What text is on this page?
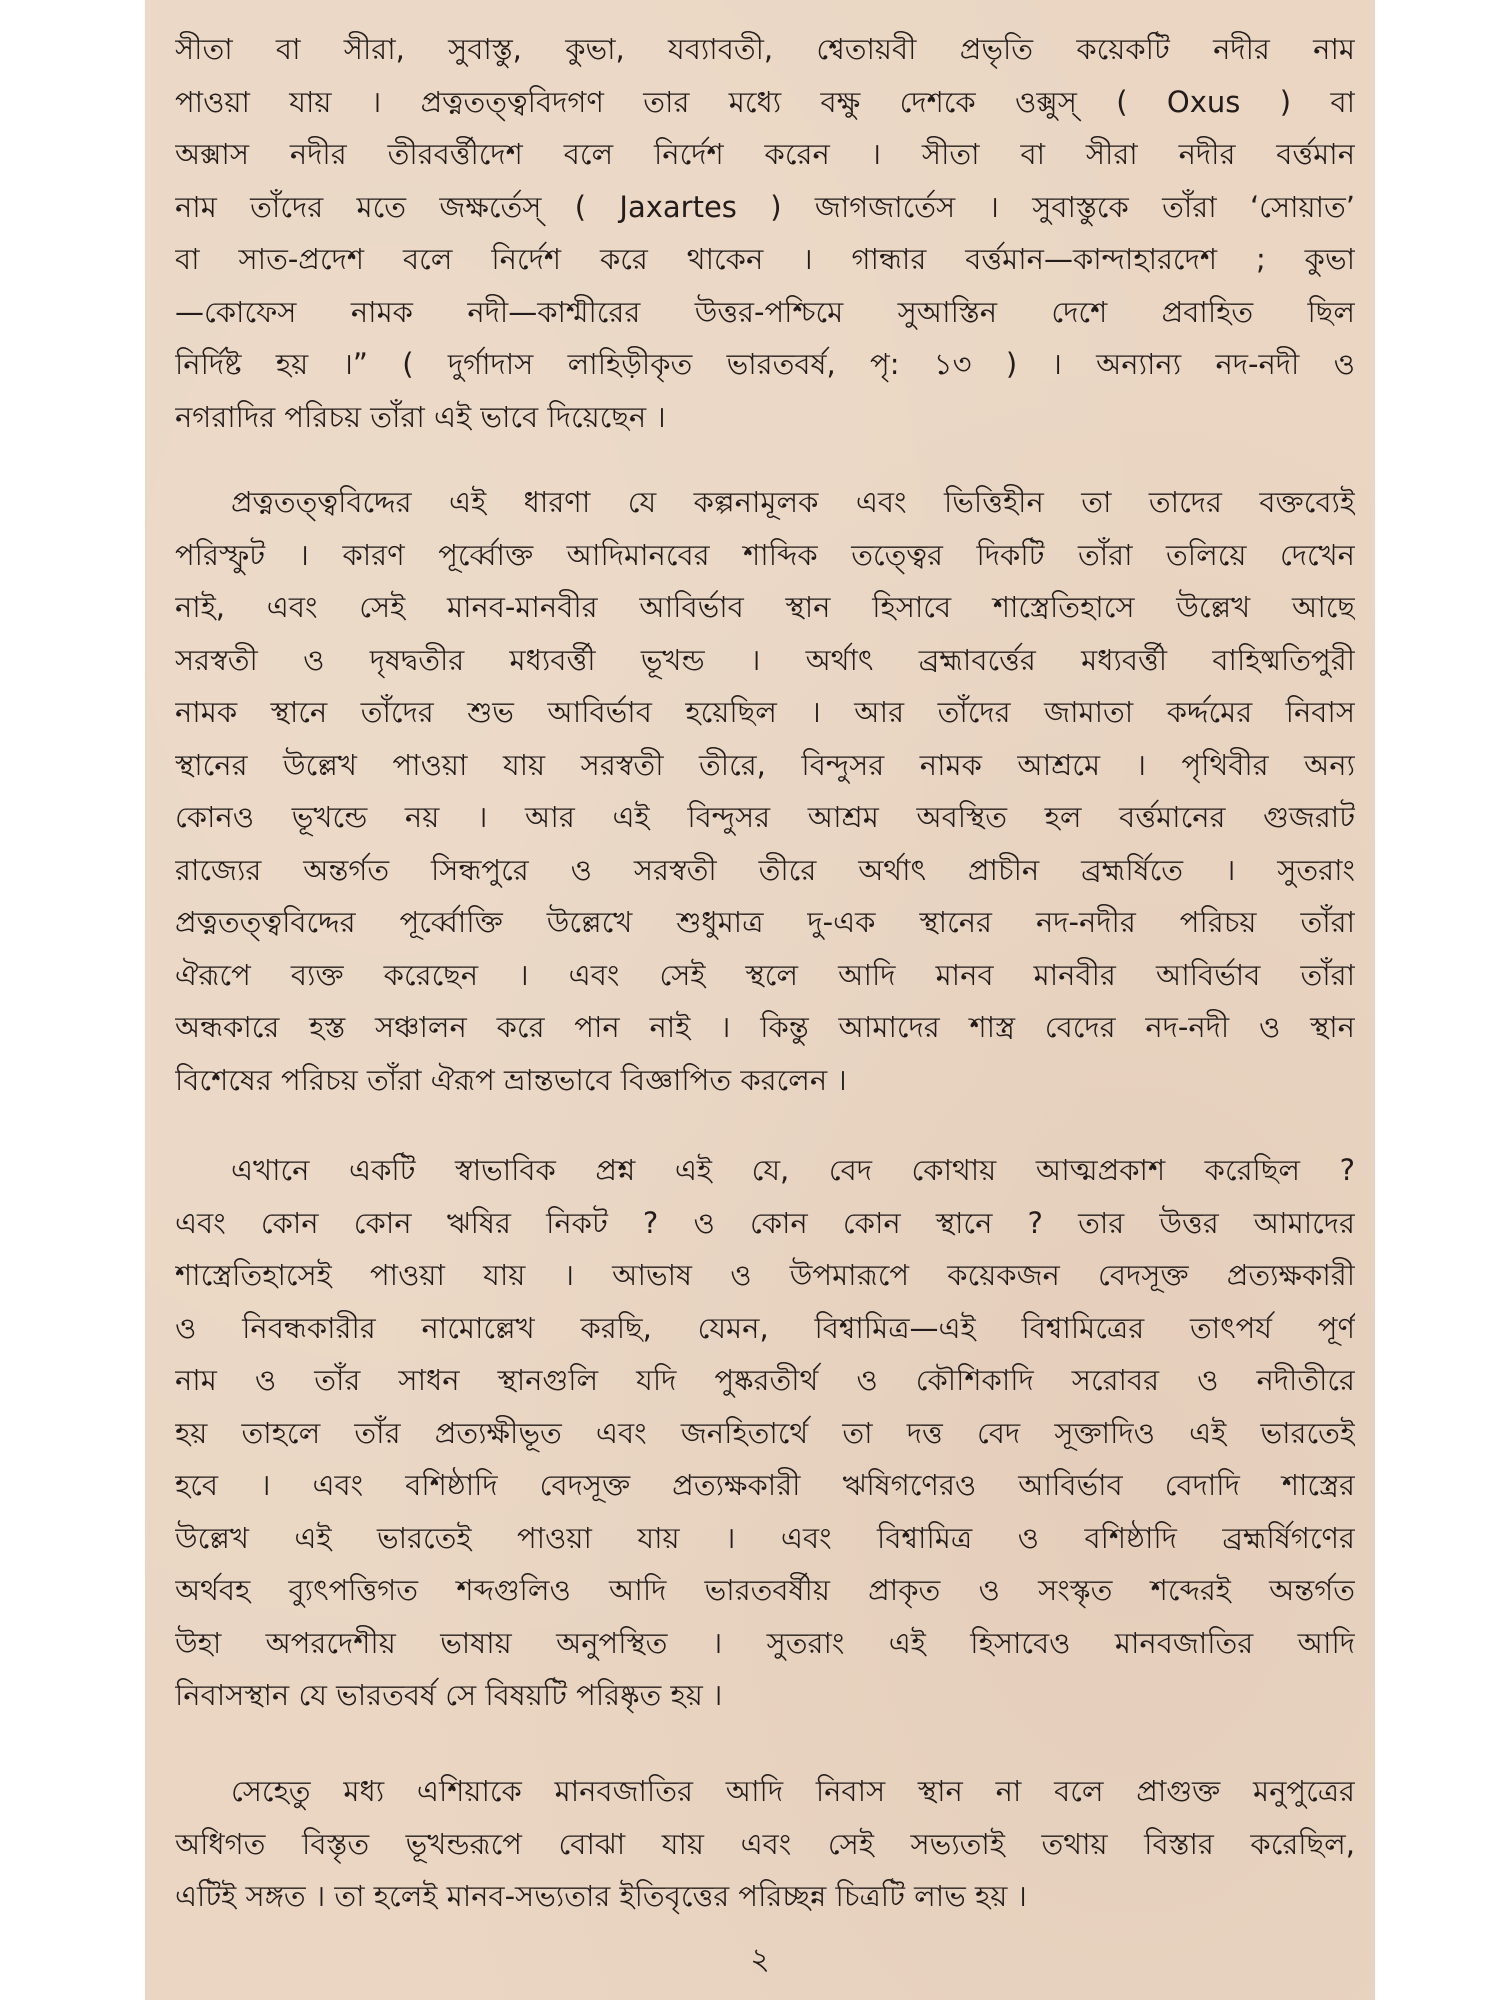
সীতা বা সীরা, সুবাস্তু, কুভা, যব্যাবতী, শ্বেতায়বী প্রভৃতি কয়েকটি নদীর নাম
পাওয়া যায় । প্রত্নতত্ত্ববিদগণ তার মধ্যে বক্ষু দেশকে ওক্সুস্ ( Oxus ) বা
অক্সাস নদীর তীরবর্ত্তীদেশ বলে নির্দেশ করেন । সীতা বা সীরা নদীর বর্ত্তমান
নাম তাঁদের মতে জক্ষর্তেস্ ( Jaxartes ) জাগজার্তেস । সুবাস্তুকে তাঁরা ‘সোয়াত’
বা সাত-প্রদেশ বলে নির্দেশ করে থাকেন । গান্ধার বর্ত্তমান—কান্দাহারদেশ ; কুভা
—কোফেস নামক নদী—কাশ্মীরের উত্তর-পশ্চিমে সুআস্তিন দেশে প্রবাহিত ছিল
নির্দিষ্ট হয় ।” ( দুর্গাদাস লাহিড়ীকৃত ভারতবর্ষ, পৃ: ১৩ ) । অন্যান্য নদ-নদী ও
নগরাদির পরিচয় তাঁরা এই ভাবে দিয়েছেন ।
প্রত্নতত্ত্ববিদ্দের এই ধারণা যে কল্পনামূলক এবং ভিত্তিহীন তা তাদের বক্তব্যেই
পরিস্ফুট । কারণ পূর্ব্বোক্ত আদিমানবের শাব্দিক তত্ত্বের দিকটি তাঁরা তলিয়ে দেখেন
নাই, এবং সেই মানব-মানবীর আবির্ভাব স্থান হিসাবে শাস্ত্রেতিহাসে উল্লেখ আছে
সরস্বতী ও দৃষদ্বতীর মধ্যবর্ত্তী ভূখন্ড । অর্থাৎ ব্রহ্মাবর্ত্তের মধ্যবর্ত্তী বাহিষ্মতিপুরী
নামক স্থানে তাঁদের শুভ আবির্ভাব হয়েছিল । আর তাঁদের জামাতা কর্দ্দমের নিবাস
স্থানের উল্লেখ পাওয়া যায় সরস্বতী তীরে, বিন্দুসর নামক আশ্রমে । পৃথিবীর অন্য
কোনও ভূখন্ডে নয় । আর এই বিন্দুসর আশ্রম অবস্থিত হল বর্ত্তমানের গুজরাট
রাজ্যের অন্তর্গত সিন্ধপুরে ও সরস্বতী তীরে অর্থাৎ প্রাচীন ব্রহ্মর্ষিতে । সুতরাং
প্রত্নতত্ত্ববিদ্দের পূর্ব্বোক্তি উল্লেখে শুধুমাত্র দু-এক স্থানের নদ-নদীর পরিচয় তাঁরা
ঐরূপে ব্যক্ত করেছেন । এবং সেই স্থলে আদি মানব মানবীর আবির্ভাব তাঁরা
অন্ধকারে হস্ত সঞ্চালন করে পান নাই । কিন্তু আমাদের শাস্ত্র বেদের নদ-নদী ও স্থান
বিশেষের পরিচয় তাঁরা ঐরূপ ভ্রান্তভাবে বিজ্ঞাপিত করলেন ।
এখানে একটি স্বাভাবিক প্রশ্ন এই যে, বেদ কোথায় আত্মপ্রকাশ করেছিল ?
এবং কোন কোন ঋষির নিকট ? ও কোন কোন স্থানে ? তার উত্তর আমাদের
শাস্ত্রেতিহাসেই পাওয়া যায় । আভাষ ও উপমারূপে কয়েকজন বেদসূক্ত প্রত্যক্ষকারী
ও নিবন্ধকারীর নামোল্লেখ করছি, যেমন, বিশ্বামিত্র—এই বিশ্বামিত্রের তাৎপর্য পূর্ণ
নাম ও তাঁর সাধন স্থানগুলি যদি পুষ্করতীর্থ ও কৌশিকাদি সরোবর ও নদীতীরে
হয় তাহলে তাঁর প্রত্যক্ষীভূত এবং জনহিতার্থে তা দত্ত বেদ সূক্তাদিও এই ভারতেই
হবে । এবং বশিষ্ঠাদি বেদসূক্ত প্রত্যক্ষকারী ঋষিগণেরও আবির্ভাব বেদাদি শাস্ত্রের
উল্লেখ এই ভারতেই পাওয়া যায় । এবং বিশ্বামিত্র ও বশিষ্ঠাদি ব্রহ্মর্ষিগণের
অর্থবহ ব্যুৎপত্তিগত শব্দগুলিও আদি ভারতবর্ষীয় প্রাকৃত ও সংস্কৃত শব্দেরই অন্তর্গত
উহা অপরদেশীয় ভাষায় অনুপস্থিত । সুতরাং এই হিসাবেও মানবজাতির আদি
নিবাসস্থান যে ভারতবর্ষ সে বিষয়টি পরিষ্কৃত হয় ।
সেহেতু মধ্য এশিয়াকে মানবজাতির আদি নিবাস স্থান না বলে প্রাগুক্ত মনুপুত্রের
অধিগত বিস্তৃত ভূখন্ডরূপে বোঝা যায় এবং সেই সভ্যতাই তথায় বিস্তার করেছিল,
এটিই সঙ্গত । তা হলেই মানব-সভ্যতার ইতিবৃত্তের পরিচ্ছন্ন চিত্রটি লাভ হয় ।
২
